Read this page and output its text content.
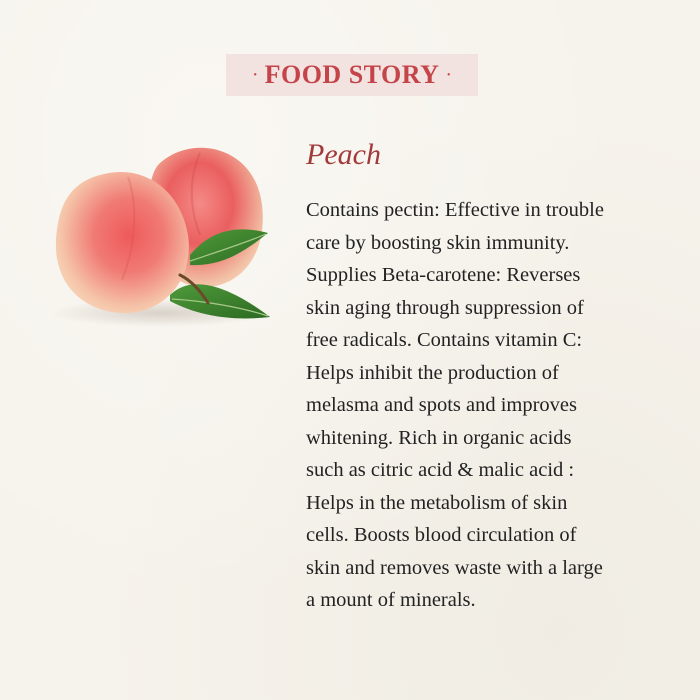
· FOOD STORY ·
Peach
Contains pectin: Effective in trouble
care by boosting skin immunity.
Supplies Beta-carotene: Reverses
skin aging through suppression of
free radicals. Contains vitamin C:
Helps inhibit the production of
melasma and spots and improves
whitening. Rich in organic acids
such as citric acid & malic acid :
Helps in the metabolism of skin
cells. Boosts blood circulation of
skin and removes waste with a large
a mount of minerals.
